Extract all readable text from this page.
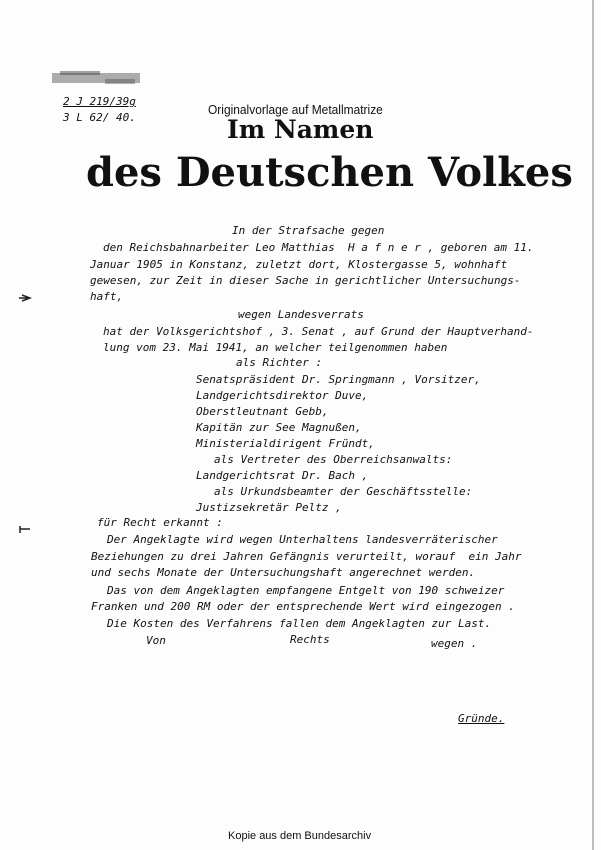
2 J 219/39g
3 L 62/ 40.
Originalvorlage auf Metallmatrize
Im Namen
des Deutschen Volkes
In der Strafsache gegen
den Reichsbahnarbeiter Leo Matthias  H a f n e r , geboren am 11.
Januar 1905 in Konstanz, zuletzt dort, Klostergasse 5, wohnhaft
gewesen, zur Zeit in dieser Sache in gerichtlicher Untersuchungs-
haft,
wegen Landesverrats
hat der Volksgerichtshof , 3. Senat , auf Grund der Hauptverhand-
lung vom 23. Mai 1941, an welcher teilgenommen haben
als Richter :
Senatspräsident Dr. Springmann , Vorsitzer,
Landgerichtsdirektor Duve,
Oberstleutnant Gebb,
Kapitän zur See Magnußen,
Ministerialdirigent Fründt,
als Vertreter des Oberreichsanwalts:
Landgerichtsrat Dr. Bach ,
als Urkundsbeamter der Geschäftsstelle:
Justizsekretär Peltz ,
für Recht erkannt :
Der Angeklagte wird wegen Unterhaltens landesverräterischer
Beziehungen zu drei Jahren Gefängnis verurteilt, worauf  ein Jahr
und sechs Monate der Untersuchungshaft angerechnet werden.
Das von dem Angeklagten empfangene Entgelt von 190 schweizer
Franken und 200 RM oder der entsprechende Wert wird eingezogen .
Die Kosten des Verfahrens fallen dem Angeklagten zur Last.
Von	Rechts	wegen .
Gründe.
Kopie aus dem Bundesarchiv
